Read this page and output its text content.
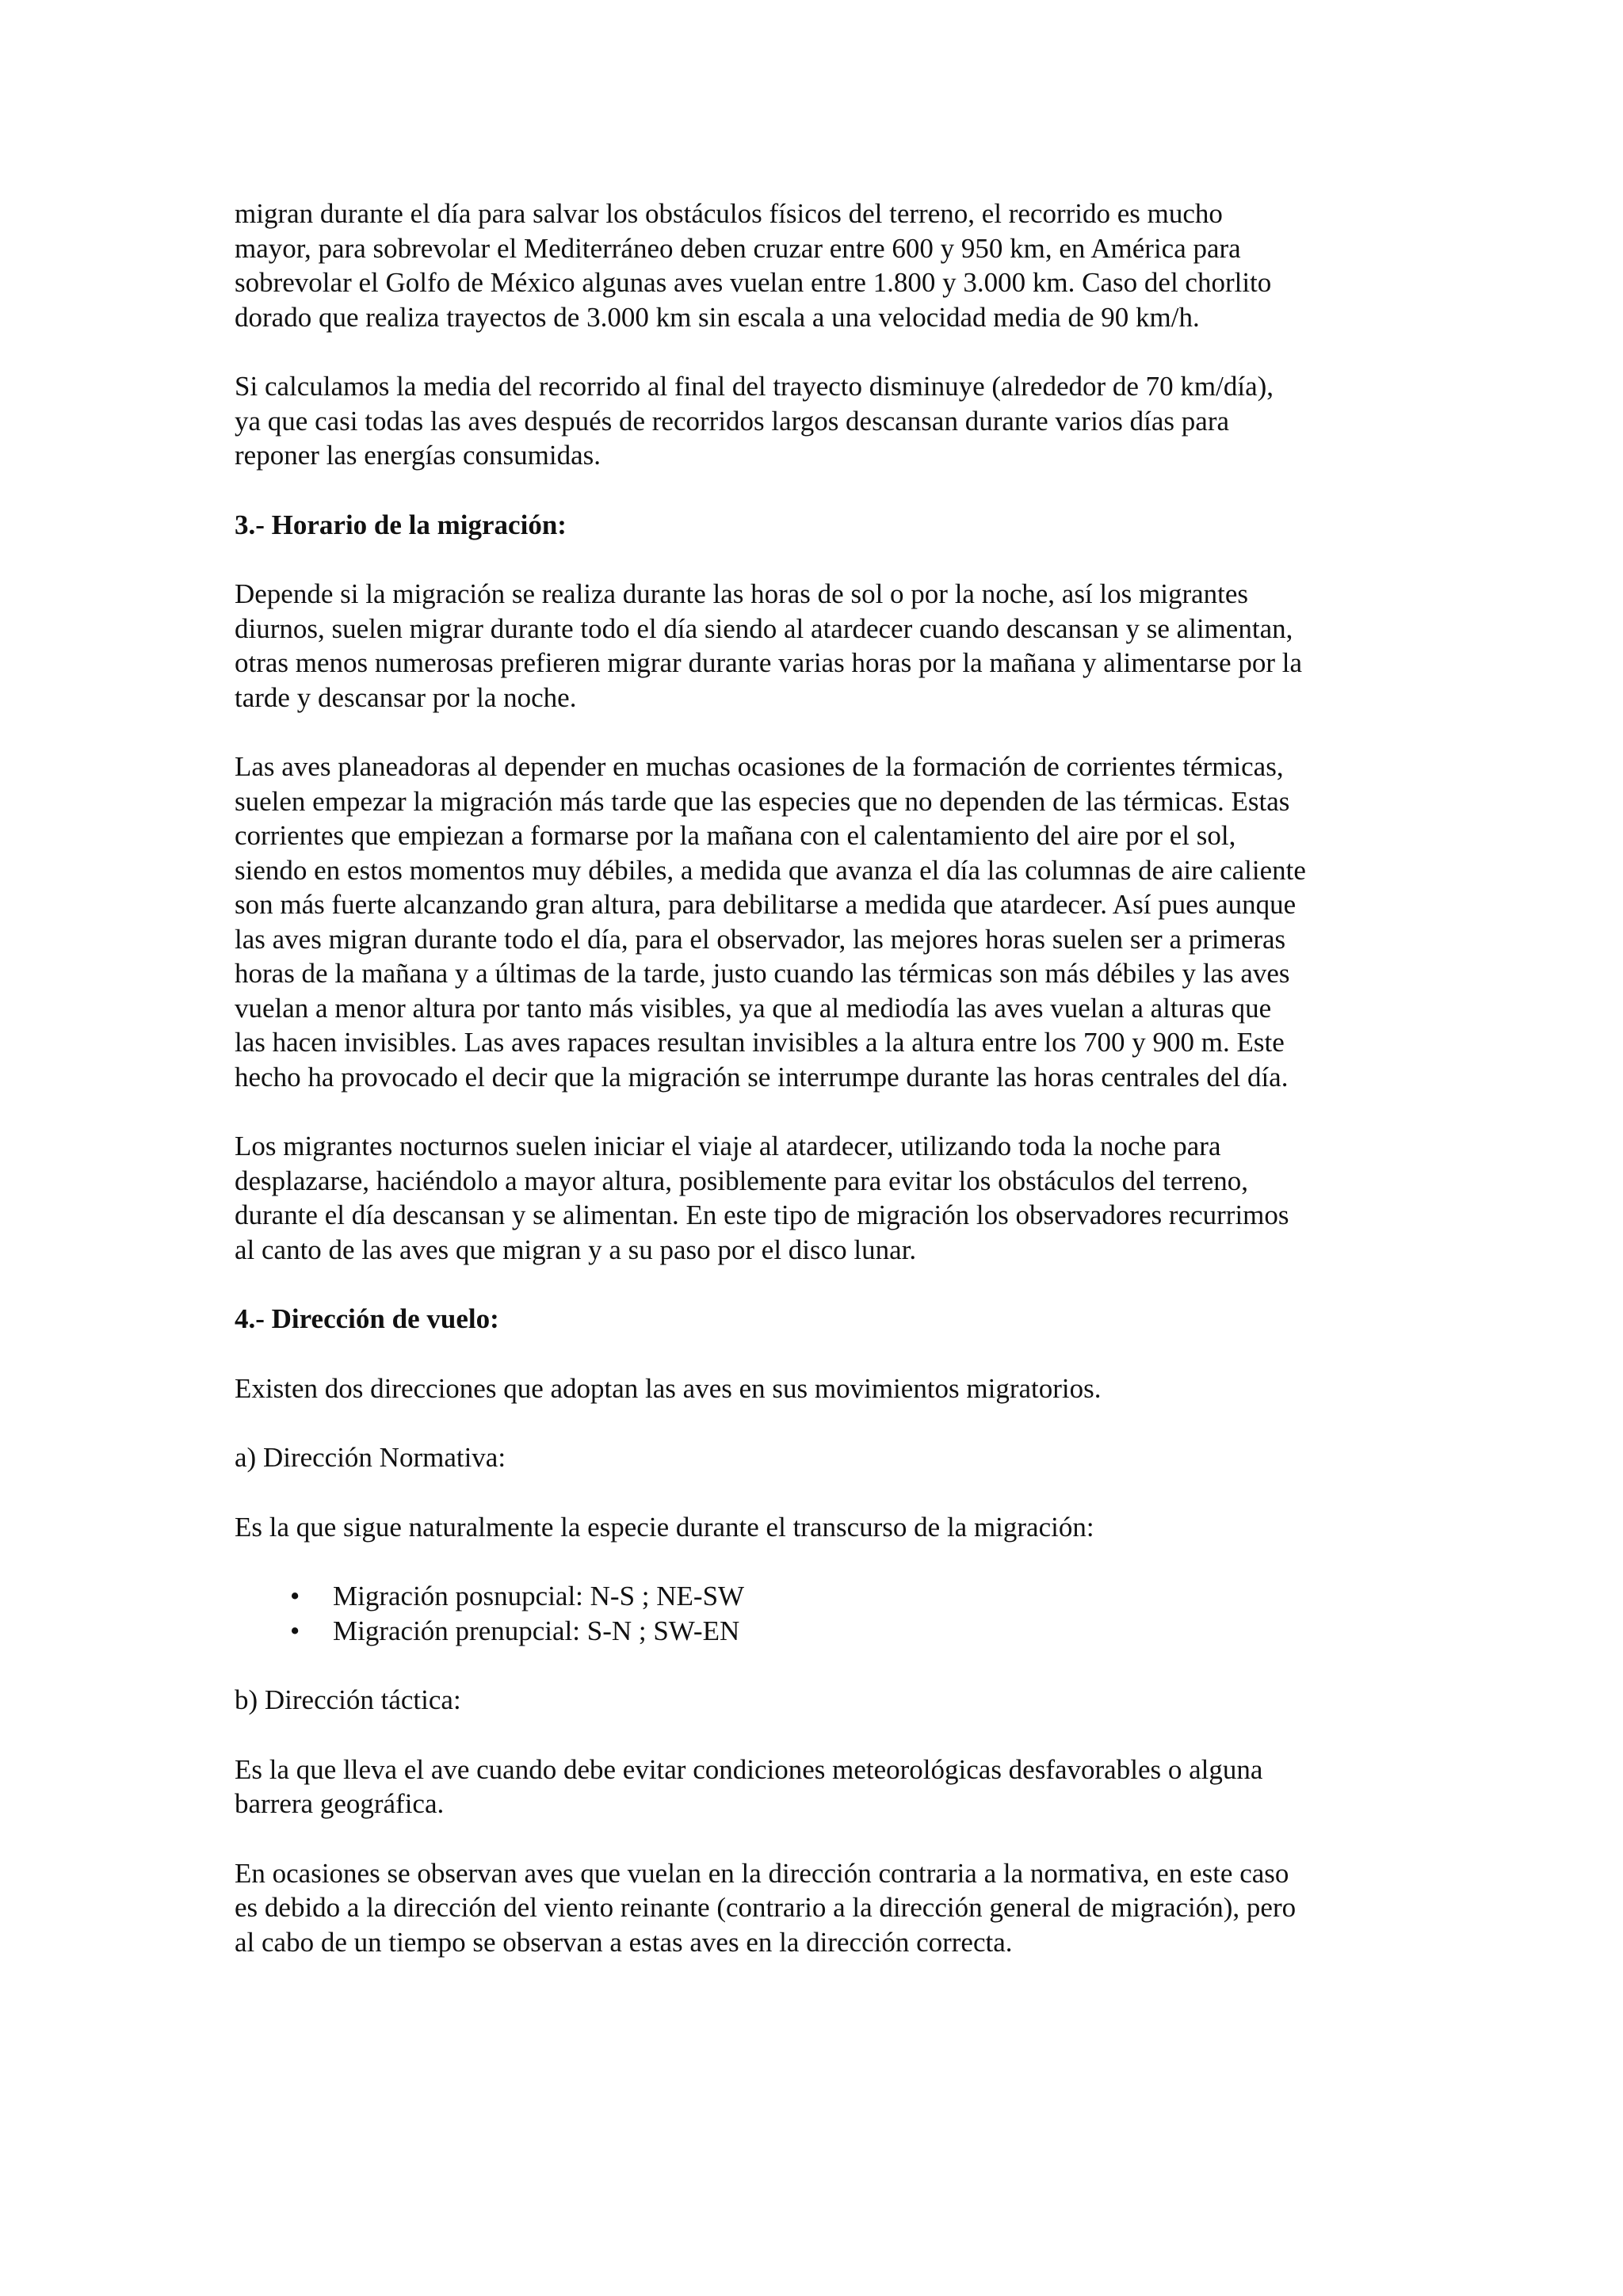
migran durante el día para salvar los obstáculos físicos del terreno, el recorrido es mucho
mayor, para sobrevolar el Mediterráneo deben cruzar entre 600 y 950 km, en América para
sobrevolar el Golfo de México algunas aves vuelan entre 1.800 y 3.000 km. Caso del chorlito
dorado que realiza trayectos de 3.000 km sin escala a una velocidad media de 90 km/h.

Si calculamos la media del recorrido al final del trayecto disminuye (alrededor de 70 km/día),
ya que casi todas las aves después de recorridos largos descansan durante varios días para
reponer las energías consumidas.

3.- Horario de la migración:

Depende si la migración se realiza durante las horas de sol o por la noche, así los migrantes
diurnos, suelen migrar durante todo el día siendo al atardecer cuando descansan y se alimentan,
otras menos numerosas prefieren migrar durante varias horas por la mañana y alimentarse por la
tarde y descansar por la noche.

Las aves planeadoras al depender en muchas ocasiones de la formación de corrientes térmicas,
suelen empezar la migración más tarde que las especies que no dependen de las térmicas. Estas
corrientes que empiezan a formarse por la mañana con el calentamiento del aire por el sol,
siendo en estos momentos muy débiles, a medida que avanza el día las columnas de aire caliente
son más fuerte alcanzando gran altura, para debilitarse a medida que atardecer. Así pues aunque
las aves migran durante todo el día, para el observador, las mejores horas suelen ser a primeras
horas de la mañana y a últimas de la tarde, justo cuando las térmicas son más débiles y las aves
vuelan a menor altura por tanto más visibles, ya que al mediodía las aves vuelan a alturas que
las hacen invisibles. Las aves rapaces resultan invisibles a la altura entre los 700 y 900 m. Este
hecho ha provocado el decir que la migración se interrumpe durante las horas centrales del día.

Los migrantes nocturnos suelen iniciar el viaje al atardecer, utilizando toda la noche para
desplazarse, haciéndolo a mayor altura, posiblemente para evitar los obstáculos del terreno,
durante el día descansan y se alimentan. En este tipo de migración los observadores recurrimos
al canto de las aves que migran y a su paso por el disco lunar.

4.- Dirección de vuelo:

Existen dos direcciones que adoptan las aves en sus movimientos migratorios.

a) Dirección Normativa:

Es la que sigue naturalmente la especie durante el transcurso de la migración:

• Migración posnupcial: N-S ; NE-SW
• Migración prenupcial: S-N ; SW-EN

b) Dirección táctica:

Es la que lleva el ave cuando debe evitar condiciones meteorológicas desfavorables o alguna
barrera geográfica.

En ocasiones se observan aves que vuelan en la dirección contraria a la normativa, en este caso
es debido a la dirección del viento reinante (contrario a la dirección general de migración), pero
al cabo de un tiempo se observan a estas aves en la dirección correcta.
